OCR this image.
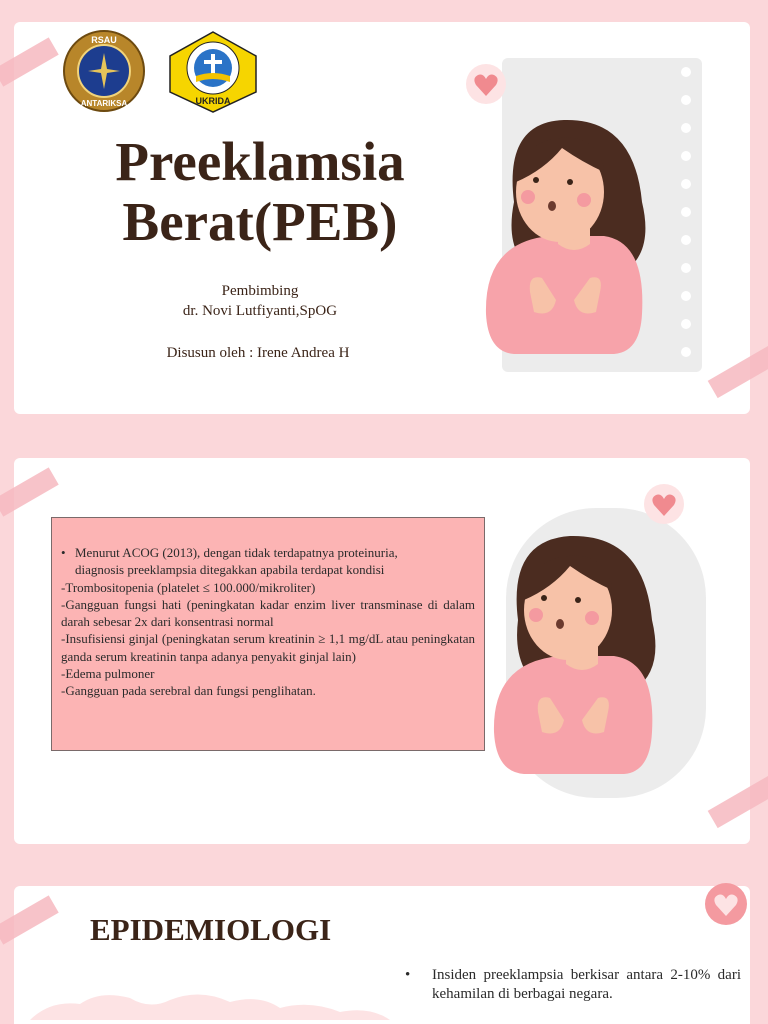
RSAU
ANTARIKSA	UKRIDA
Preeklamsia
Berat(PEB)
Pembimbing
dr. Novi Lutfiyanti,SpOG
Disusun oleh : Irene Andrea H
• Menurut ACOG (2013), dengan tidak terdapatnya proteinuria,

diagnosis preeklampsia ditegakkan apabila terdapat kondisi

-Trombositopenia (platelet ≤ 100.000/mikroliter)

-Gangguan fungsi hati (peningkatan kadar enzim liver transminase di dalam darah sebesar 2x dari konsentrasi normal

-Insufisiensi ginjal (peningkatan serum kreatinin ≥ 1,1 mg/dL atau peningkatan ganda serum kreatinin tanpa adanya penyakit ginjal lain)

-Edema pulmoner

-Gangguan pada serebral dan fungsi penglihatan.

EPIDEMIOLOGI
•	Insiden preeklampsia berkisar antara 2-10% dari kehamilan di berbagai negara.
